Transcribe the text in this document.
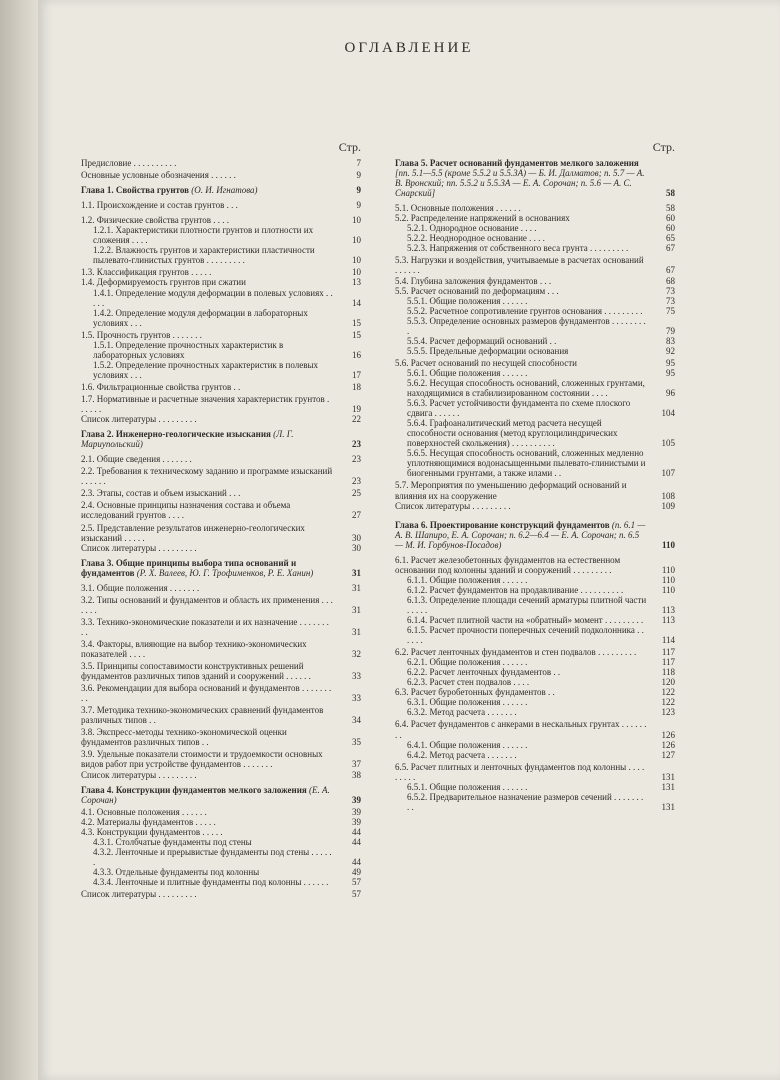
ОГЛАВЛЕНИЕ
Стр.
Предисловие . . . . . . . . . .	7
Основные условные обозначения . . . . . .	9
Глава 1. Свойства грунтов (О. И. Игнатова)	9
1.1. Происхождение и состав грунтов . . .	9
1.2. Физические свойства грунтов . . . .	10
1.2.1. Характеристики плотности грунтов и плотности их сложения . . . .	10
1.2.2. Влажность грунтов и характеристики пластичности пылевато-глинистых грунтов . . . . . . . . .	10
1.3. Классификация грунтов . . . . .	10
1.4. Деформируемость грунтов при сжатии	13
1.4.1. Определение модуля деформации в полевых условиях . . . . .	14
1.4.2. Определение модуля деформации в лабораторных условиях . . .	15
1.5. Прочность грунтов . . . . . . .	15
1.5.1. Определение прочностных характеристик в лабораторных условиях	16
1.5.2. Определение прочностных характеристик в полевых условиях . . .	17
1.6. Фильтрационные свойства грунтов . .	18
1.7. Нормативные и расчетные значения характеристик грунтов . . . . . .	19
Список литературы . . . . . . . . .	22
Глава 2. Инженерно-геологические изыскания (Л. Г. Мариупольский)	23
2.1. Общие сведения . . . . . . .	23
2.2. Требования к техническому заданию и программе изысканий . . . . . .	23
2.3. Этапы, состав и объем изысканий . . .	25
2.4. Основные принципы назначения состава и объема исследований грунтов . . . .	27
2.5. Представление результатов инженерно-геологических изысканий . . . . .	30
Список литературы . . . . . . . . .	30
Глава 3. Общие принципы выбора типа оснований и фундаментов (Р. Х. Валеев, Ю. Г. Трофименков, Р. Е. Ханин)	31
3.1. Общие положения . . . . . . .	31
3.2. Типы оснований и фундаментов и область их применения . . . . . . .	31
3.3. Технико-экономические показатели и их назначение . . . . . . . . .	31
3.4. Факторы, влияющие на выбор технико-экономических показателей . . . .	32
3.5. Принципы сопоставимости конструктивных решений фундаментов различных типов зданий и сооружений . . . . . .	33
3.6. Рекомендации для выбора оснований и фундаментов . . . . . . . . .	33
3.7. Методика технико-экономических сравнений фундаментов различных типов . .	34
3.8. Экспресс-методы технико-экономической оценки фундаментов различных типов . .	35
3.9. Удельные показатели стоимости и трудоемкости основных видов работ при устройстве фундаментов . . . . . . .	37
Список литературы . . . . . . . . .	38
Глава 4. Конструкции фундаментов мелкого заложения (Е. А. Сорочан)	39
4.1. Основные положения . . . . . .	39
4.2. Материалы фундаментов . . . . .	39
4.3. Конструкции фундаментов . . . . .	44
4.3.1. Столбчатые фундаменты под стены	44
4.3.2. Ленточные и прерывистые фундаменты под стены . . . . . .	44
4.3.3. Отдельные фундаменты под колонны	49
4.3.4. Ленточные и плитные фундаменты под колонны . . . . . .	57
Список литературы . . . . . . . . .	57
Стр.
Глава 5. Расчет оснований фундаментов мелкого заложения [пп. 5.1—5.5 (кроме 5.5.2 и 5.5.3А) — Б. И. Далматов; п. 5.7 — А. В. Вронский; пп. 5.5.2 и 5.5.3А — Е. А. Сорочан; п. 5.6 — А. С. Снарский]	58
5.1. Основные положения . . . . . .	58
5.2. Распределение напряжений в основаниях	60
5.2.1. Однородное основание . . . .	60
5.2.2. Неоднородное основание . . . .	65
5.2.3. Напряжения от собственного веса грунта . . . . . . . . .	67
5.3. Нагрузки и воздействия, учитываемые в расчетах оснований . . . . . .	67
5.4. Глубина заложения фундаментов . . .	68
5.5. Расчет оснований по деформациям . . .	73
5.5.1. Общие положения . . . . . .	73
5.5.2. Расчетное сопротивление грунтов основания . . . . . . . . .	75
5.5.3. Определение основных размеров фундаментов . . . . . . . . .	79
5.5.4. Расчет деформаций оснований . .	83
5.5.5. Предельные деформации основания	92
5.6. Расчет оснований по несущей способности	95
5.6.1. Общие положения . . . . . .	95
5.6.2. Несущая способность оснований, сложенных грунтами, находящимися в стабилизированном состоянии . . . .	96
5.6.3. Расчет устойчивости фундамента по схеме плоского сдвига . . . . . .	104
5.6.4. Графоаналитический метод расчета несущей способности основания (метод круглоцилиндрических поверхностей скольжения) . . . . . . . . . .	105
5.6.5. Несущая способность оснований, сложенных медленно уплотняющимися водонасыщенными пылевато-глинистыми и биогенными грунтами, а также илами . .	107
5.7. Мероприятия по уменьшению деформаций оснований и влияния их на сооружение	108
Список литературы . . . . . . . . .	109
Глава 6. Проектирование конструкций фундаментов (п. 6.1 — А. В. Шапиро, Е. А. Сорочан; п. 6.2—6.4 — Е. А. Сорочан; п. 6.5 — М. И. Горбунов-Посадов)	110
6.1. Расчет железобетонных фундаментов на естественном основании под колонны зданий и сооружений . . . . . . . . .	110
6.1.1. Общие положения . . . . . .	110
6.1.2. Расчет фундаментов на продавливание . . . . . . . . . .	110
6.1.3. Определение площади сечений арматуры плитной части . . . . .	113
6.1.4. Расчет плитной части на «обратный» момент . . . . . . . . .	113
6.1.5. Расчет прочности поперечных сечений подколонника . . . . . .	114
6.2. Расчет ленточных фундаментов и стен подвалов . . . . . . . . .	117
6.2.1. Общие положения . . . . . .	117
6.2.2. Расчет ленточных фундаментов . .	118
6.2.3. Расчет стен подвалов . . . .	120
6.3. Расчет буробетонных фундаментов . .	122
6.3.1. Общие положения . . . . . .	122
6.3.2. Метод расчета . . . . . . .	123
6.4. Расчет фундаментов с анкерами в нескальных грунтах . . . . . . . .	126
6.4.1. Общие положения . . . . . .	126
6.4.2. Метод расчета . . . . . . .	127
6.5. Расчет плитных и ленточных фундаментов под колонны . . . . . . . . .	131
6.5.1. Общие положения . . . . . .	131
6.5.2. Предварительное назначение размеров сечений . . . . . . . . .	131
